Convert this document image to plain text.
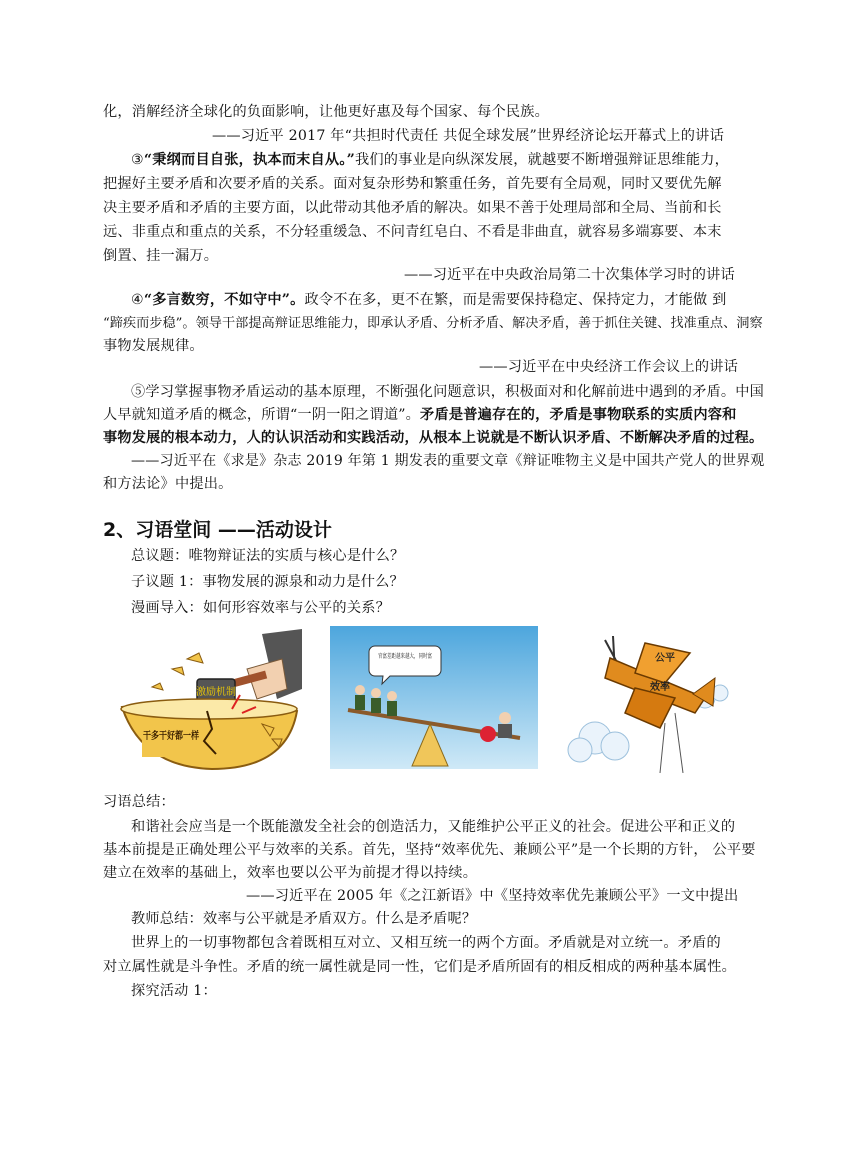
化，消解经济全球化的负面影响，让他更好惠及每个国家、每个民族。
——习近平 2017 年“共担时代责任 共促全球发展”世界经济论坛开幕式上的讲话
③“秉纲而目自张，执本而末自从。”我们的事业是向纵深发展，就越要不断增强辩证思维能力，
把握好主要矛盾和次要矛盾的关系。面对复杂形势和繁重任务，首先要有全局观，同时又要优先解
决主要矛盾和矛盾的主要方面，以此带动其他矛盾的解决。如果不善于处理局部和全局、当前和长
远、非重点和重点的关系，不分轻重缓急、不问青红皂白、不看是非曲直，就容易多端寡要、本末
倒置、挂一漏万。
——习近平在中央政治局第二十次集体学习时的讲话
④“多言数穷，不如守中”。政令不在多，更不在繁，而是需要保持稳定、保持定力，才能做 到
“蹄疾而步稳”。领导干部提高辩证思维能力，即承认矛盾、分析矛盾、解决矛盾，善于抓住关键、找准重点、洞察
事物发展规律。
——习近平在中央经济工作会议上的讲话
⑤学习掌握事物矛盾运动的基本原理，不断强化问题意识，积极面对和化解前进中遇到的矛盾。中国
人早就知道矛盾的概念，所谓“一阴一阳之谓道”。矛盾是普遍存在的，矛盾是事物联系的实质内容和
事物发展的根本动力，人的认识活动和实践活动，从根本上说就是不断认识矛盾、不断解决矛盾的过程。
——习近平在《求是》杂志 2019 年第 1 期发表的重要文章《辩证唯物主义是中国共产党人的世界观
和方法论》中提出。
2、习语堂间 ——活动设计
总议题：唯物辩证法的实质与核心是什么？
子议题 1：事物发展的源泉和动力是什么？
漫画导入：如何形容效率与公平的关系？
激励机制
干多干好都一样
官富差距越来越大，同时富	公平
效率
习语总结：
和谐社会应当是一个既能激发全社会的创造活力，又能维护公平正义的社会。促进公平和正义的
基本前提是正确处理公平与效率的关系。首先，坚持“效率优先、兼顾公平”是一个长期的方针， 公平要
建立在效率的基础上，效率也要以公平为前提才得以持续。
——习近平在 2005 年《之江新语》中《坚持效率优先兼顾公平》一文中提出
教师总结：效率与公平就是矛盾双方。什么是矛盾呢？
世界上的一切事物都包含着既相互对立、又相互统一的两个方面。矛盾就是对立统一。矛盾的
对立属性就是斗争性。矛盾的统一属性就是同一性，它们是矛盾所固有的相反相成的两种基本属性。
探究活动 1：
